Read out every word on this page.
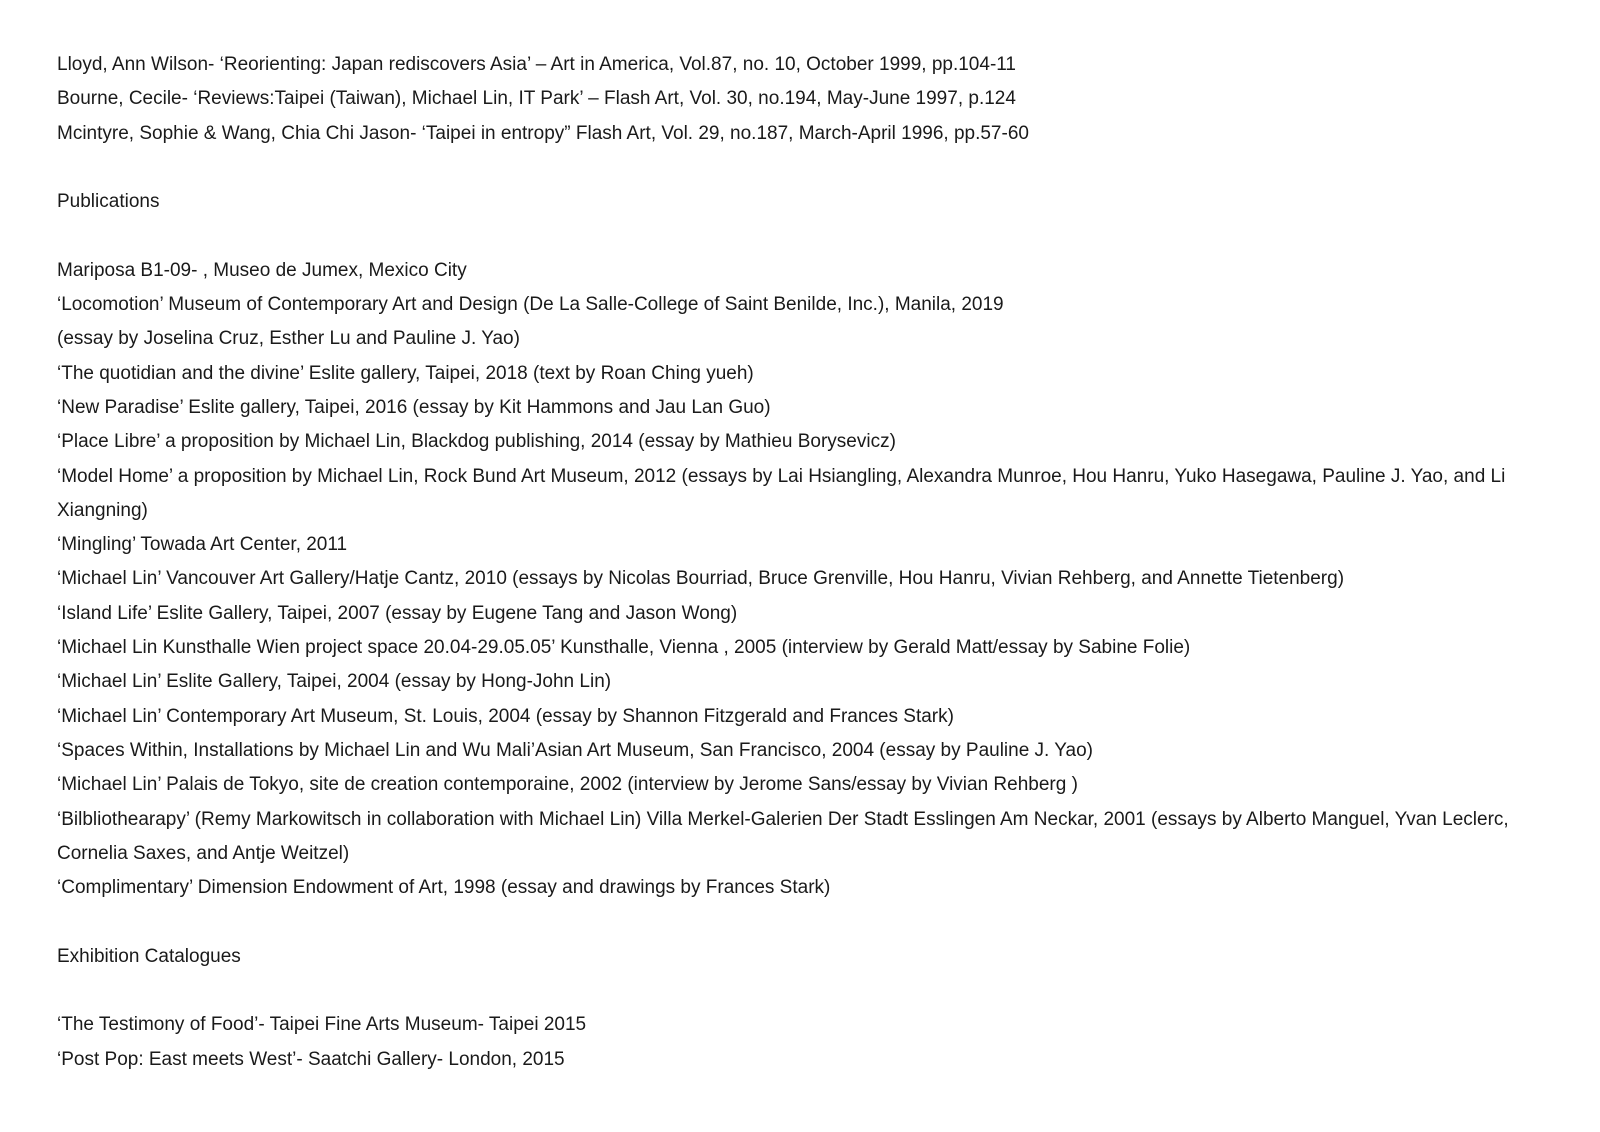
Lloyd, Ann Wilson- ‘Reorienting: Japan rediscovers Asia’ – Art in America, Vol.87, no. 10, October 1999, pp.104-11

Bourne, Cecile- ‘Reviews:Taipei (Taiwan), Michael Lin, IT Park’ – Flash Art, Vol. 30, no.194, May-June 1997, p.124

Mcintyre, Sophie & Wang, Chia Chi Jason- ‘Taipei in entropy” Flash Art, Vol. 29, no.187, March-April 1996, pp.57-60

Publications

Mariposa B1-09- , Museo de Jumex, Mexico City

‘Locomotion’ Museum of Contemporary Art and Design (De La Salle-College of Saint Benilde, Inc.), Manila, 2019

(essay by Joselina Cruz, Esther Lu and Pauline J. Yao)

‘The quotidian and the divine’ Eslite gallery, Taipei, 2018 (text by Roan Ching yueh)

‘New Paradise’ Eslite gallery, Taipei, 2016 (essay by Kit Hammons and Jau Lan Guo)

‘Place Libre’ a proposition by Michael Lin, Blackdog publishing, 2014 (essay by Mathieu Borysevicz)

‘Model Home’ a proposition by Michael Lin, Rock Bund Art Museum, 2012 (essays by Lai Hsiangling, Alexandra Munroe, Hou Hanru, Yuko Hasegawa, Pauline J. Yao, and Li Xiangning)

‘Mingling’ Towada Art Center, 2011

‘Michael Lin’ Vancouver Art Gallery/Hatje Cantz, 2010 (essays by Nicolas Bourriad, Bruce Grenville, Hou Hanru, Vivian Rehberg, and Annette Tietenberg)

‘Island Life’ Eslite Gallery, Taipei, 2007 (essay by Eugene Tang and Jason Wong)

‘Michael Lin Kunsthalle Wien project space 20.04-29.05.05’ Kunsthalle, Vienna , 2005 (interview by Gerald Matt/essay by Sabine Folie)

‘Michael Lin’ Eslite Gallery, Taipei, 2004 (essay by Hong-John Lin)

‘Michael Lin’ Contemporary Art Museum, St. Louis, 2004 (essay by Shannon Fitzgerald and Frances Stark)

‘Spaces Within, Installations by Michael Lin and Wu Mali’Asian Art Museum, San Francisco, 2004 (essay by Pauline J. Yao)

‘Michael Lin’ Palais de Tokyo, site de creation contemporaine, 2002 (interview by Jerome Sans/essay by Vivian Rehberg )

‘Bilbliothearapy’ (Remy Markowitsch in collaboration with Michael Lin) Villa Merkel-Galerien Der Stadt Esslingen Am Neckar, 2001 (essays by Alberto Manguel, Yvan Leclerc, Cornelia Saxes, and Antje Weitzel)

‘Complimentary’ Dimension Endowment of Art, 1998 (essay and drawings by Frances Stark)

Exhibition Catalogues

‘The Testimony of Food’- Taipei Fine Arts Museum- Taipei 2015

‘Post Pop: East meets West’- Saatchi Gallery- London, 2015
